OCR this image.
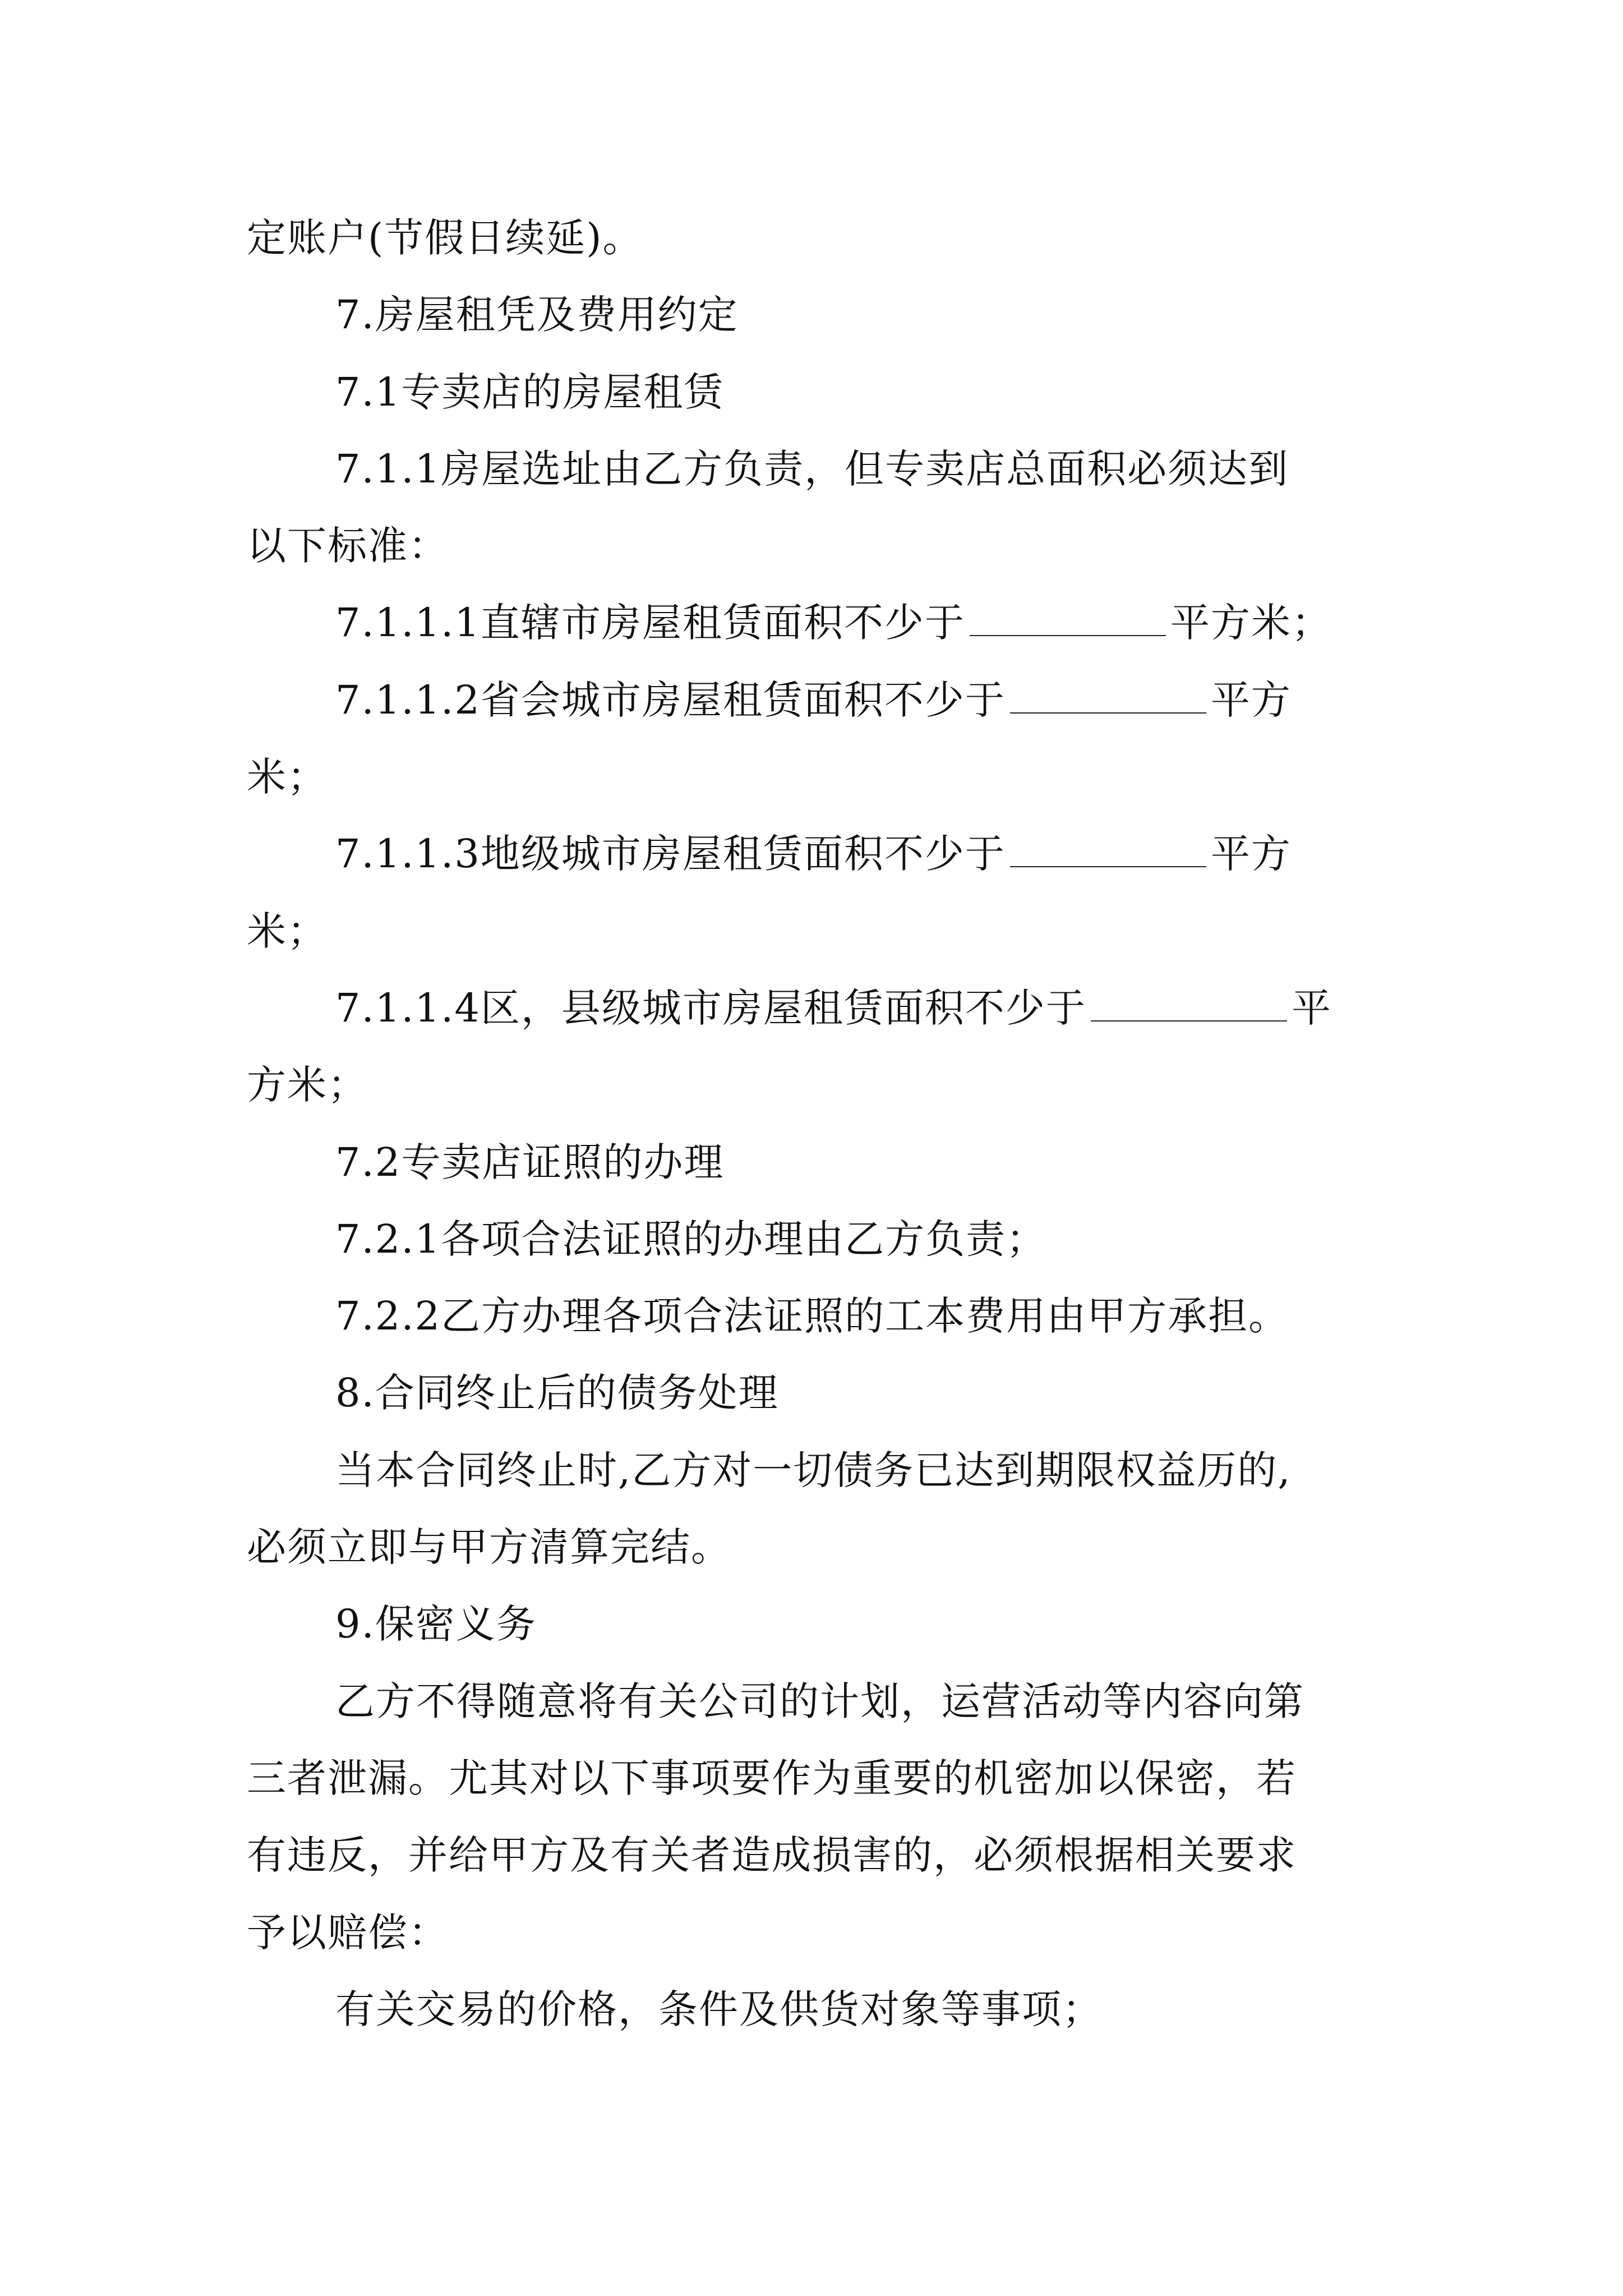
定账户(节假日续延)。
7.房屋租凭及费用约定
7.1专卖店的房屋租赁
7.1.1房屋选址由乙方负责，但专卖店总面积必须达到
以下标准：
7.1.1.1直辖市房屋租赁面积不少于	平方米；
7.1.1.2省会城市房屋租赁面积不少于	平方
米；
7.1.1.3地级城市房屋租赁面积不少于	平方
米；
7.1.1.4区，县级城市房屋租赁面积不少于	平
方米；
7.2专卖店证照的办理
7.2.1各项合法证照的办理由乙方负责；
7.2.2乙方办理各项合法证照的工本费用由甲方承担。
8.合同终止后的债务处理
当本合同终止时,乙方对一切债务已达到期限权益历的,
必须立即与甲方清算完结。
9.保密义务
乙方不得随意将有关公司的计划，运营活动等内容向第
三者泄漏。尤其对以下事项要作为重要的机密加以保密，若
有违反，并给甲方及有关者造成损害的，必须根据相关要求
予以赔偿：
有关交易的价格，条件及供货对象等事项；
